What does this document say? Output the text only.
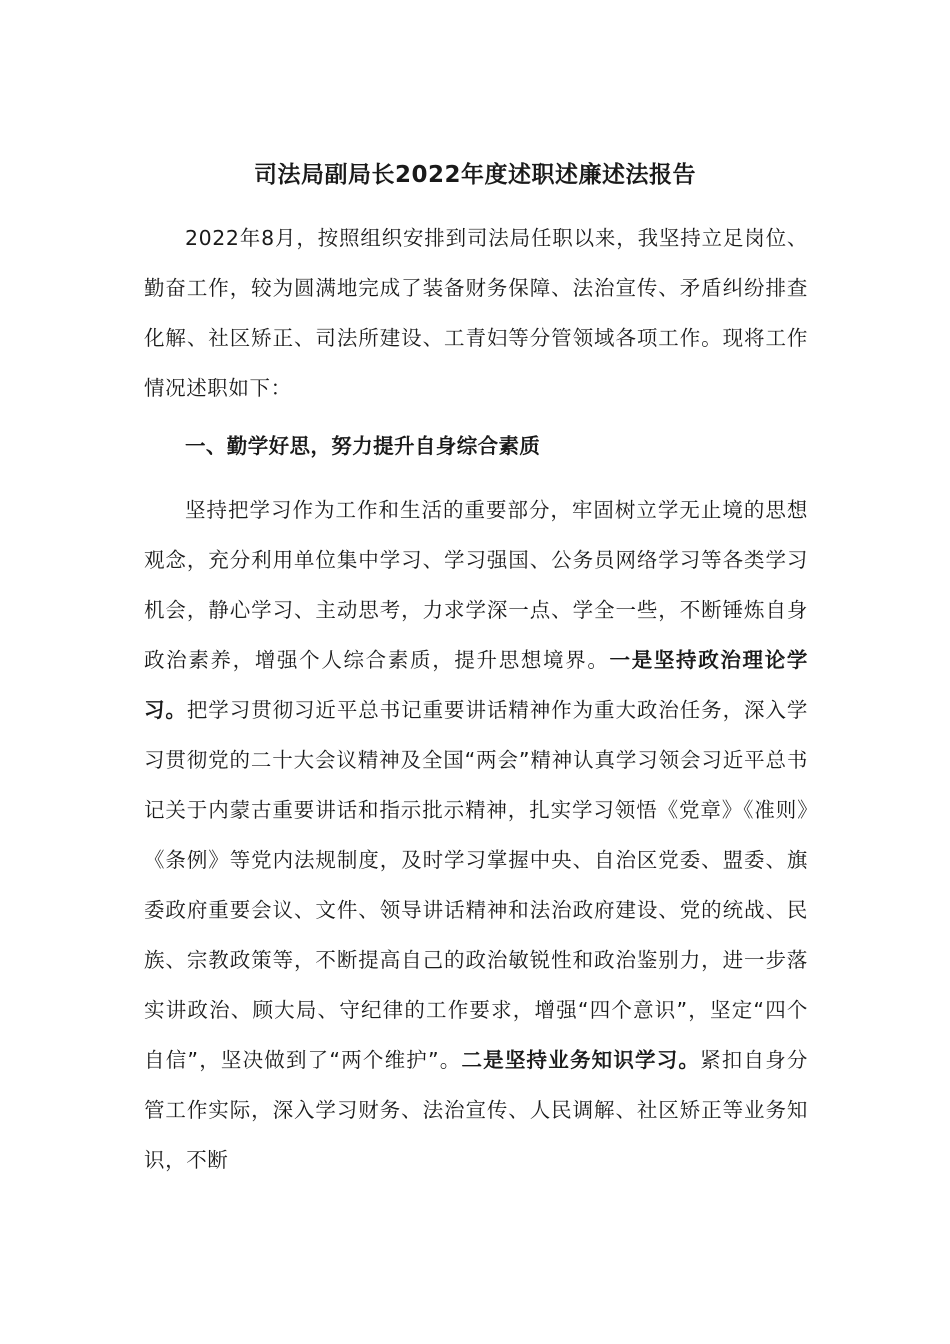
司法局副局长2022年度述职述廉述法报告

2022年8月，按照组织安排到司法局任职以来，我坚持立足岗位、勤奋工作，较为圆满地完成了装备财务保障、法治宣传、矛盾纠纷排查化解、社区矫正、司法所建设、工青妇等分管领域各项工作。现将工作情况述职如下：

一、勤学好思，努力提升自身综合素质

坚持把学习作为工作和生活的重要部分，牢固树立学无止境的思想观念，充分利用单位集中学习、学习强国、公务员网络学习等各类学习机会，静心学习、主动思考，力求学深一点、学全一些，不断锤炼自身政治素养，增强个人综合素质，提升思想境界。一是坚持政治理论学习。把学习贯彻习近平总书记重要讲话精神作为重大政治任务，深入学习贯彻党的二十大会议精神及全国“两会”精神认真学习领会习近平总书记关于内蒙古重要讲话和指示批示精神，扎实学习领悟《党章》《准则》《条例》等党内法规制度，及时学习掌握中央、自治区党委、盟委、旗委政府重要会议、文件、领导讲话精神和法治政府建设、党的统战、民族、宗教政策等，不断提高自己的政治敏锐性和政治鉴别力，进一步落实讲政治、顾大局、守纪律的工作要求，增强“四个意识”，坚定“四个自信”，坚决做到了“两个维护”。二是坚持业务知识学习。紧扣自身分管工作实际，深入学习财务、法治宣传、人民调解、社区矫正等业务知识，不断
